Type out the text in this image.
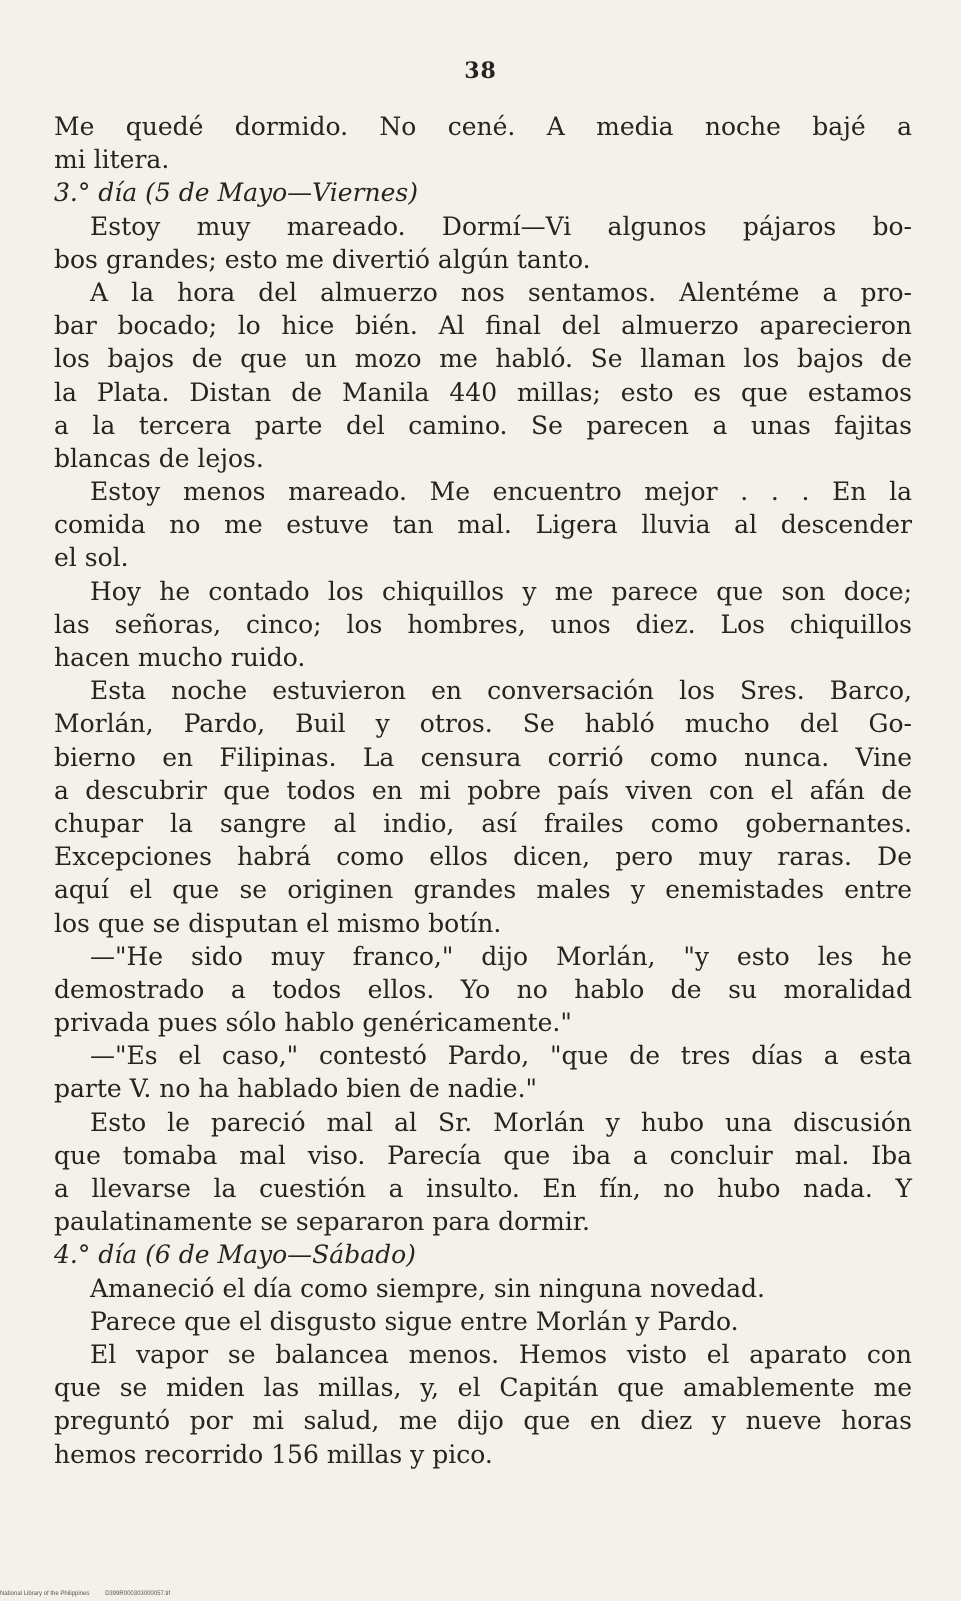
38
Me quedé dormido. No cené. A media noche bajé a
mi litera.
3.° día (5 de Mayo—Viernes)
Estoy muy mareado. Dormí—Vi algunos pájaros bo-
bos grandes; esto me divertió algún tanto.
A la hora del almuerzo nos sentamos. Alentéme a pro-
bar bocado; lo hice bién. Al final del almuerzo aparecieron
los bajos de que un mozo me habló. Se llaman los bajos de
la Plata. Distan de Manila 440 millas; esto es que estamos
a la tercera parte del camino. Se parecen a unas fajitas
blancas de lejos.
Estoy menos mareado. Me encuentro mejor . . . En la
comida no me estuve tan mal. Ligera lluvia al descender
el sol.
Hoy he contado los chiquillos y me parece que son doce;
las señoras, cinco; los hombres, unos diez. Los chiquillos
hacen mucho ruido.
Esta noche estuvieron en conversación los Sres. Barco,
Morlán, Pardo, Buil y otros. Se habló mucho del Go-
bierno en Filipinas. La censura corrió como nunca. Vine
a descubrir que todos en mi pobre país viven con el afán de
chupar la sangre al indio, así frailes como gobernantes.
Excepciones habrá como ellos dicen, pero muy raras. De
aquí el que se originen grandes males y enemistades entre
los que se disputan el mismo botín.
—"He sido muy franco," dijo Morlán, "y esto les he
demostrado a todos ellos. Yo no hablo de su moralidad
privada pues sólo hablo genéricamente."
—"Es el caso," contestó Pardo, "que de tres días a esta
parte V. no ha hablado bien de nadie."
Esto le pareció mal al Sr. Morlán y hubo una discusión
que tomaba mal viso. Parecía que iba a concluir mal. Iba
a llevarse la cuestión a insulto. En fín, no hubo nada. Y
paulatinamente se separaron para dormir.
4.° día (6 de Mayo—Sábado)
Amaneció el día como siempre, sin ninguna novedad.
Parece que el disgusto sigue entre Morlán y Pardo.
El vapor se balancea menos. Hemos visto el aparato con
que se miden las millas, y, el Capitán que amablemente me
preguntó por mi salud, me dijo que en diez y nueve horas
hemos recorrido 156 millas y pico.
National Library of the Philippines	D399R000303000057.tif
